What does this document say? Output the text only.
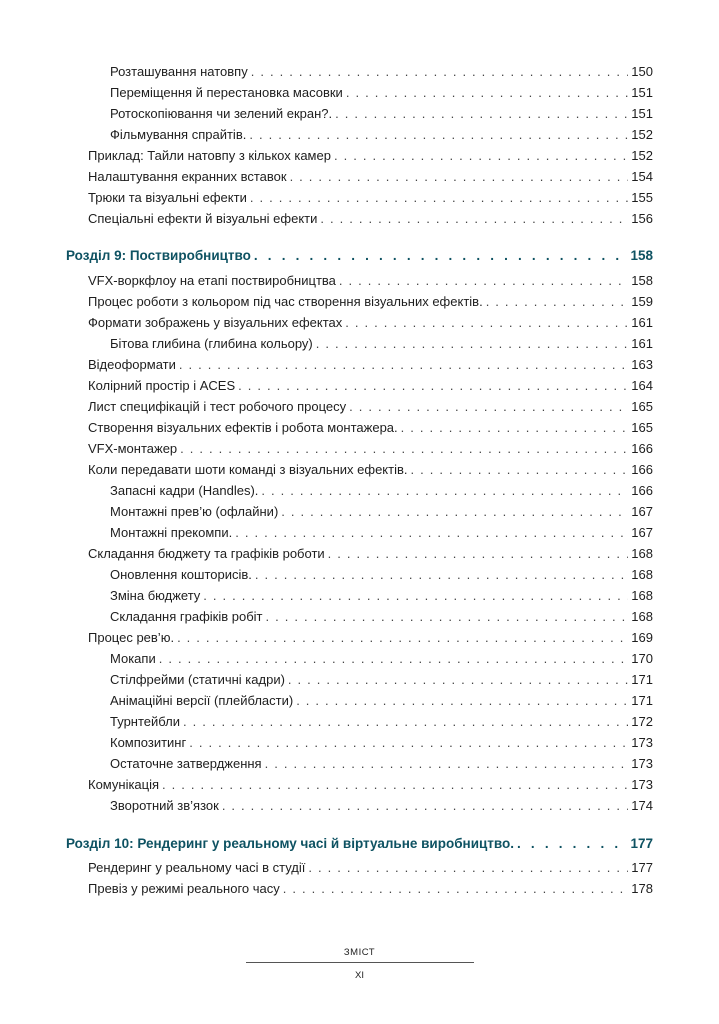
Розташування натовпу . . .	150
Переміщення й перестановка масовки . . .	151
Ротоскопіювання чи зелений екран?. . . .	151
Фільмування спрайтів. . . .	152
Приклад: Тайли натовпу з кількох камер . . .	152
Налаштування екранних вставок . . .	154
Трюки та візуальні ефекти . . .	155
Спеціальні ефекти й візуальні ефекти . . .	156
Розділ 9: Поствиробництво . . .	158
VFX-воркфлоу на етапі поствиробництва . . .	158
Процес роботи з кольором під час створення візуальних ефектів. . . .	159
Формати зображень у візуальних ефектах . . .	161
Бітова глибина (глибина кольору) . . .	161
Відеоформати . . .	163
Колірний простір і ACES . . .	164
Лист специфікацій і тест робочого процесу . . .	165
Створення візуальних ефектів і робота монтажера. . . .	165
VFX-монтажер . . .	166
Коли передавати шоти команді з візуальних ефектів. . . .	166
Запасні кадри (Handles). . . .	166
Монтажні прев’ю (офлайни) . . .	167
Монтажні прекомпи. . . .	167
Складання бюджету та графіків роботи . . .	168
Оновлення кошторисів. . . .	168
Зміна бюджету . . .	168
Складання графіків робіт . . .	168
Процес рев’ю. . . .	169
Мокапи . . .	170
Стілфрейми (статичні кадри) . . .	171
Анімаційні версії (плейбласти) . . .	171
Турнтейбли . . .	172
Композитинг . . .	173
Остаточне затвердження . . .	173
Комунікація . . .	173
Зворотний зв’язок . . .	174
Розділ 10: Рендеринг у реальному часі й віртуальне виробництво. . . .	177
Рендеринг у реальному часі в студії . . .	177
Превіз у режимі реального часу . . .	178
ЗМІСТ
XI
